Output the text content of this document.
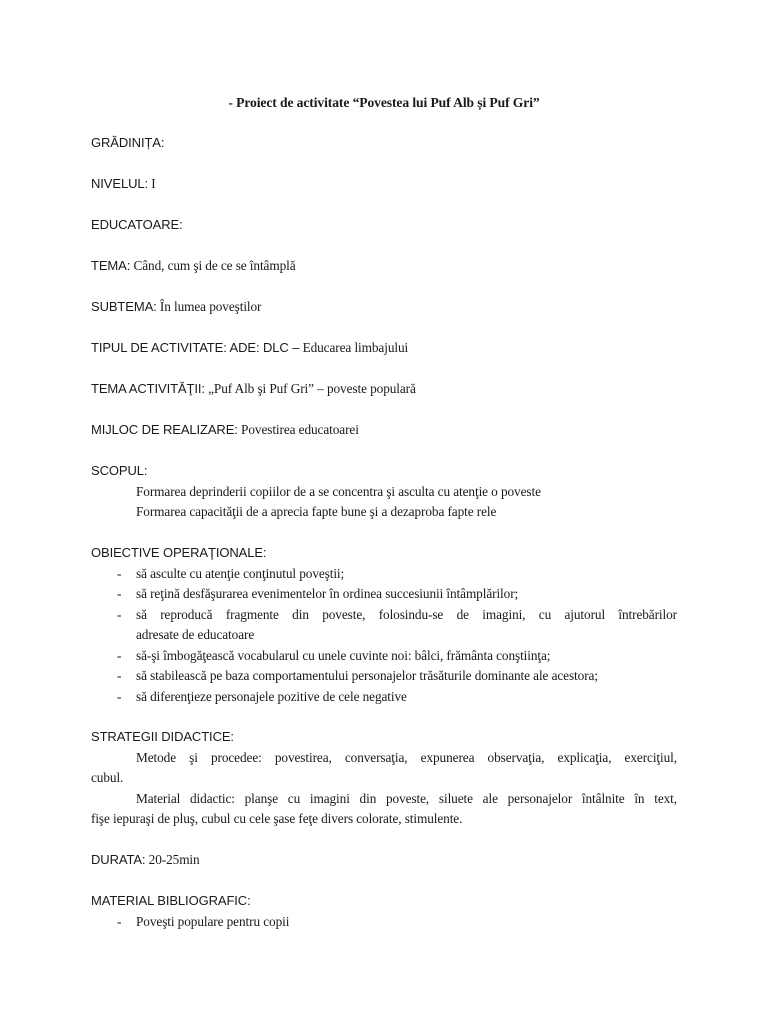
- Proiect de activitate “Povestea lui Puf Alb și Puf Gri”
GRĂDINIȚA:
NIVELUL: I
EDUCATOARE:
TEMA: Când, cum şi de ce se întâmplă
SUBTEMA: În lumea poveştilor
TIPUL DE ACTIVITATE: ADE: DLC – Educarea limbajului
TEMA ACTIVITĂŢII: „Puf Alb şi Puf Gri” – poveste populară
MIJLOC DE REALIZARE: Povestirea educatoarei
SCOPUL:
Formarea deprinderii copiilor de a se concentra şi asculta cu atenţie o poveste
Formarea capacităţii de a aprecia fapte bune şi a dezaproba fapte rele
OBIECTIVE OPERAŢIONALE:
- să asculte cu atenţie conţinutul poveştii;
- să reţină desfăşurarea evenimentelor în ordinea succesiunii întâmplărilor;
- să reproducă fragmente din poveste, folosindu-se de imagini, cu ajutorul întrebărilor
adresate de educatoare
- să-şi îmbogăţească vocabularul cu unele cuvinte noi: bâlci, frământa conştiinţa;
- să stabilească pe baza comportamentului personajelor trăsăturile dominante ale acestora;
- să diferenţieze personajele pozitive de cele negative
STRATEGII DIDACTICE:
Metode şi procedee: povestirea, conversaţia, expunerea observaţia, explicaţia, exerciţiul,
cubul.
Material didactic: planşe cu imagini din poveste, siluete ale personajelor întâlnite în text,
fişe iepuraşi de pluş, cubul cu cele şase feţe divers colorate, stimulente.
DURATA: 20-25min
MATERIAL BIBLIOGRAFIC:
- Poveşti populare pentru copii
